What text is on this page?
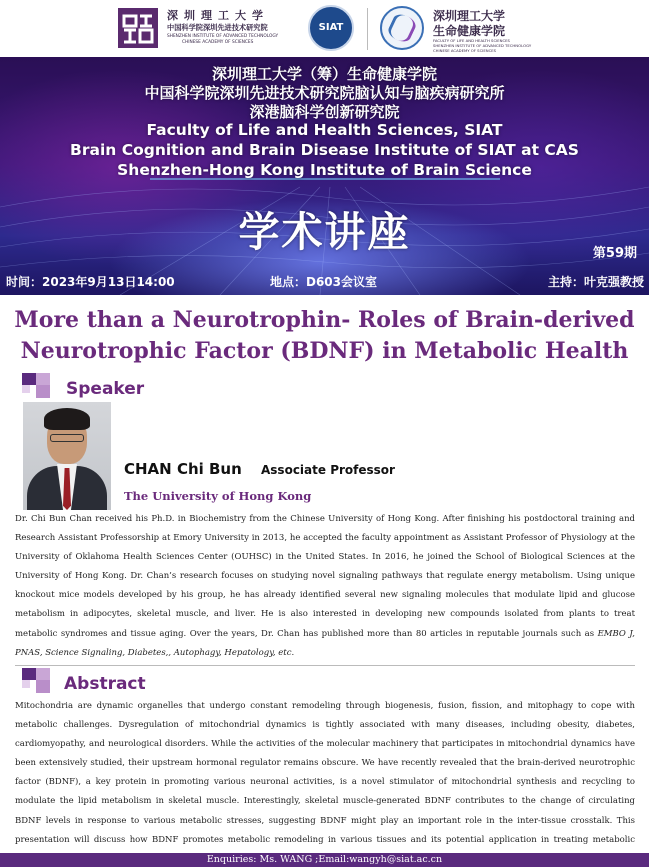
深圳理工大学
中国科学院深圳先进技术研究院
SHENZHEN INSTITUTE OF ADVANCED TECHNOLOGY
CHINESE ACADEMY OF SCIENCES
SIAT
深圳理工大学
生命健康学院
FACULTY OF LIFE AND HEALTH SCIENCES
SHENZHEN INSTITUTE OF ADVANCED TECHNOLOGY
CHINESE ACADEMY OF SCIENCES
深圳理工大学（筹）生命健康学院
中国科学院深圳先进技术研究院脑认知与脑疾病研究所
深港脑科学创新研究院
Faculty of Life and Health Sciences, SIAT
Brain Cognition and Brain Disease Institute of SIAT at CAS
Shenzhen-Hong Kong Institute of Brain Science
学术讲座	第59期
时间：2023年9月13日14:00	地点：D603会议室	主持：叶克强教授
More than a Neurotrophin- Roles of Brain-derived
Neurotrophic Factor (BDNF) in Metabolic Health
Speaker
CHAN Chi Bun Associate Professor
The University of Hong Kong
Dr. Chi Bun Chan received his Ph.D. in Biochemistry from the Chinese University of Hong Kong. After finishing his postdoctoral training and Research Assistant Professorship at Emory University in 2013, he accepted the faculty appointment as Assistant Professor of Physiology at the University of Oklahoma Health Sciences Center (OUHSC) in the United States. In 2016, he joined the School of Biological Sciences at the University of Hong Kong. Dr. Chan’s research focuses on studying novel signaling pathways that regulate energy metabolism. Using unique knockout mice models developed by his group, he has already identified several new signaling molecules that modulate lipid and glucose metabolism in adipocytes, skeletal muscle, and liver. He is also interested in developing new compounds isolated from plants to treat metabolic syndromes and tissue aging. Over the years, Dr. Chan has published more than 80 articles in reputable journals such as EMBO J, PNAS, Science Signaling, Diabetes,, Autophagy, Hepatology, etc.
Abstract
Mitochondria are dynamic organelles that undergo constant remodeling through biogenesis, fusion, fission, and mitophagy to cope with metabolic challenges. Dysregulation of mitochondrial dynamics is tightly associated with many diseases, including obesity, diabetes, cardiomyopathy, and neurological disorders. While the activities of the molecular machinery that participates in mitochondrial dynamics have been extensively studied, their upstream hormonal regulator remains obscure. We have recently revealed that the brain-derived neurotrophic factor (BDNF), a key protein in promoting various neuronal activities, is a novel stimulator of mitochondrial synthesis and recycling to modulate the lipid metabolism in skeletal muscle. Interestingly, skeletal muscle-generated BDNF contributes to the change of circulating BDNF levels in response to various metabolic stresses, suggesting BDNF might play an important role in the inter-tissue crosstalk. This presentation will discuss how BDNF promotes metabolic remodeling in various tissues and its potential application in treating metabolic
Enquiries: Ms. WANG ;Email:wangyh@siat.ac.cn
